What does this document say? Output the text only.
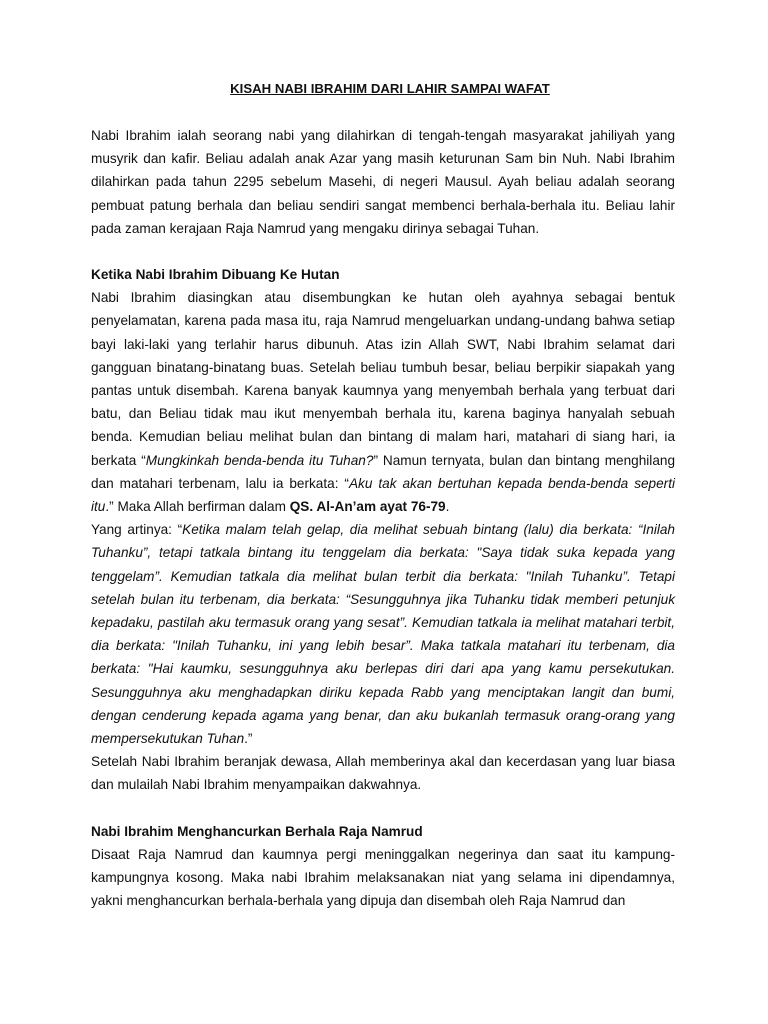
KISAH NABI IBRAHIM DARI LAHIR SAMPAI WAFAT

Nabi Ibrahim ialah seorang nabi yang dilahirkan di tengah-tengah masyarakat jahiliyah yang musyrik dan kafir. Beliau adalah anak Azar yang masih keturunan Sam bin Nuh. Nabi Ibrahim dilahirkan pada tahun 2295 sebelum Masehi, di negeri Mausul. Ayah beliau adalah seorang pembuat patung berhala dan beliau sendiri sangat membenci berhala-berhala itu. Beliau lahir pada zaman kerajaan Raja Namrud yang mengaku dirinya sebagai Tuhan.

Ketika Nabi Ibrahim Dibuang Ke Hutan

Nabi Ibrahim diasingkan atau disembungkan ke hutan oleh ayahnya sebagai bentuk penyelamatan, karena pada masa itu, raja Namrud mengeluarkan undang-undang bahwa setiap bayi laki-laki yang terlahir harus dibunuh. Atas izin Allah SWT, Nabi Ibrahim selamat dari gangguan binatang-binatang buas. Setelah beliau tumbuh besar, beliau berpikir siapakah yang pantas untuk disembah. Karena banyak kaumnya yang menyembah berhala yang terbuat dari batu, dan Beliau tidak mau ikut menyembah berhala itu, karena baginya hanyalah sebuah benda. Kemudian beliau melihat bulan dan bintang di malam hari, matahari di siang hari, ia berkata “Mungkinkah benda-benda itu Tuhan?” Namun ternyata, bulan dan bintang menghilang dan matahari terbenam, lalu ia berkata: “Aku tak akan bertuhan kepada benda-benda seperti itu.” Maka Allah berfirman dalam QS. Al-An’am ayat 76-79.

Yang artinya: “Ketika malam telah gelap, dia melihat sebuah bintang (lalu) dia berkata: “Inilah Tuhanku”, tetapi tatkala bintang itu tenggelam dia berkata: "Saya tidak suka kepada yang tenggelam”. Kemudian tatkala dia melihat bulan terbit dia berkata: "Inilah Tuhanku”. Tetapi setelah bulan itu terbenam, dia berkata: “Sesungguhnya jika Tuhanku tidak memberi petunjuk kepadaku, pastilah aku termasuk orang yang sesat”. Kemudian tatkala ia melihat matahari terbit, dia berkata: "Inilah Tuhanku, ini yang lebih besar”. Maka tatkala matahari itu terbenam, dia berkata: "Hai kaumku, sesungguhnya aku berlepas diri dari apa yang kamu persekutukan. Sesungguhnya aku menghadapkan diriku kepada Rabb yang menciptakan langit dan bumi, dengan cenderung kepada agama yang benar, dan aku bukanlah termasuk orang-orang yang mempersekutukan Tuhan.”

Setelah Nabi Ibrahim beranjak dewasa, Allah memberinya akal dan kecerdasan yang luar biasa dan mulailah Nabi Ibrahim menyampaikan dakwahnya.

Nabi Ibrahim Menghancurkan Berhala Raja Namrud

Disaat Raja Namrud dan kaumnya pergi meninggalkan negerinya dan saat itu kampung-kampungnya kosong. Maka nabi Ibrahim melaksanakan niat yang selama ini dipendamnya, yakni menghancurkan berhala-berhala yang dipuja dan disembah oleh Raja Namrud dan
